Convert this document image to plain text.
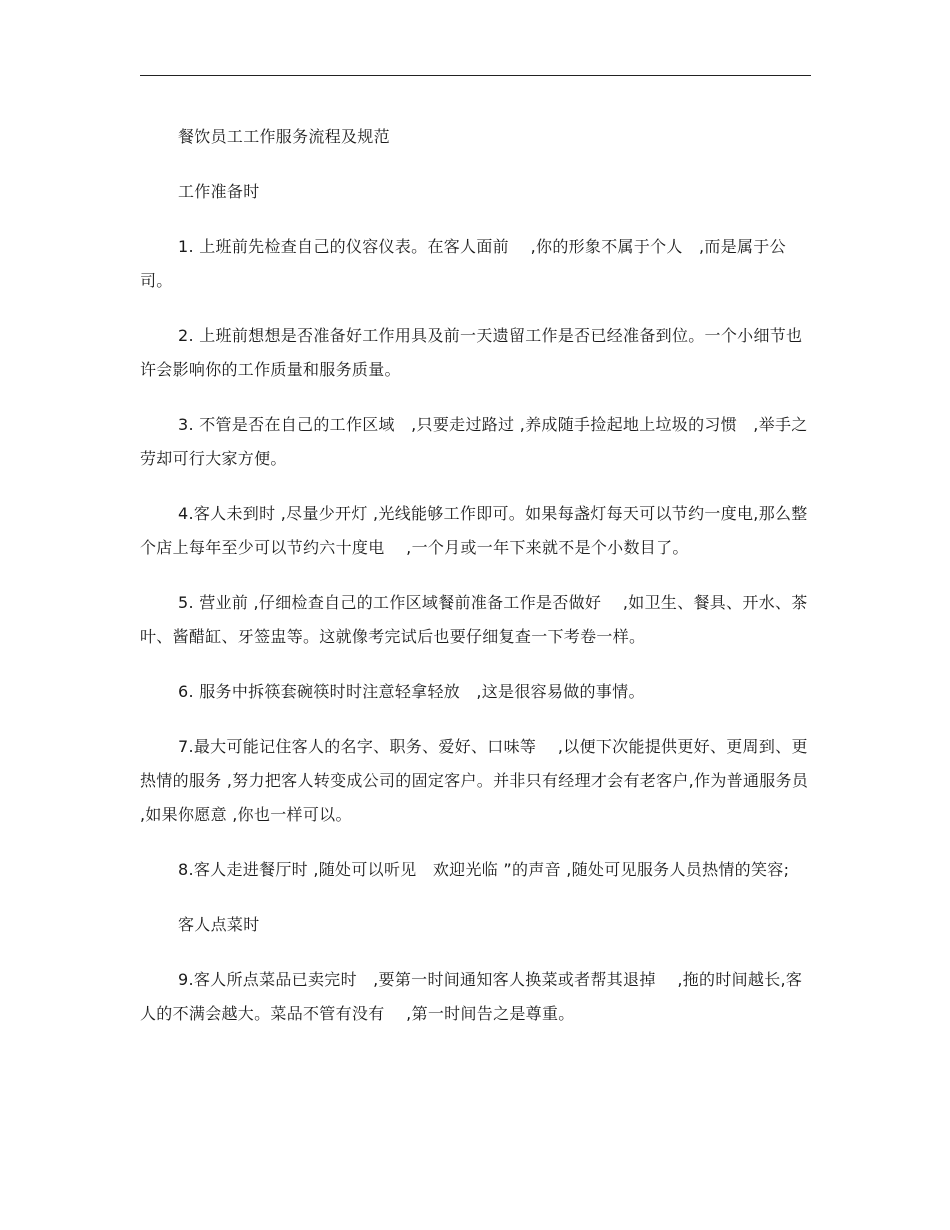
餐饮员工工作服务流程及规范

工作准备时

1. 上班前先检查自己的仪容仪表。在客人面前　 ,你的形象不属于个人　,而是属于公司。

2. 上班前想想是否准备好工作用具及前一天遗留工作是否已经准备到位。一个小细节也许会影响你的工作质量和服务质量。

3. 不管是否在自己的工作区域　,只要走过路过 ,养成随手捡起地上垃圾的习惯　,举手之劳却可行大家方便。

4.客人未到时 ,尽量少开灯 ,光线能够工作即可。如果每盏灯每天可以节约一度电,那么整个店上每年至少可以节约六十度电　 ,一个月或一年下来就不是个小数目了。

5. 营业前 ,仔细检查自己的工作区域餐前准备工作是否做好　 ,如卫生、餐具、开水、茶叶、酱醋缸、牙签盅等。这就像考完试后也要仔细复查一下考卷一样。

6. 服务中拆筷套碗筷时时注意轻拿轻放　,这是很容易做的事情。

7.最大可能记住客人的名字、职务、爱好、口味等　 ,以便下次能提供更好、更周到、更热情的服务 ,努力把客人转变成公司的固定客户。并非只有经理才会有老客户,作为普通服务员 ,如果你愿意 ,你也一样可以。

8.客人走进餐厅时 ,随处可以听见　欢迎光临 ”的声音 ,随处可见服务人员热情的笑容;

客人点菜时

9.客人所点菜品已卖完时　,要第一时间通知客人换菜或者帮其退掉　 ,拖的时间越长,客人的不满会越大。菜品不管有没有　 ,第一时间告之是尊重。
